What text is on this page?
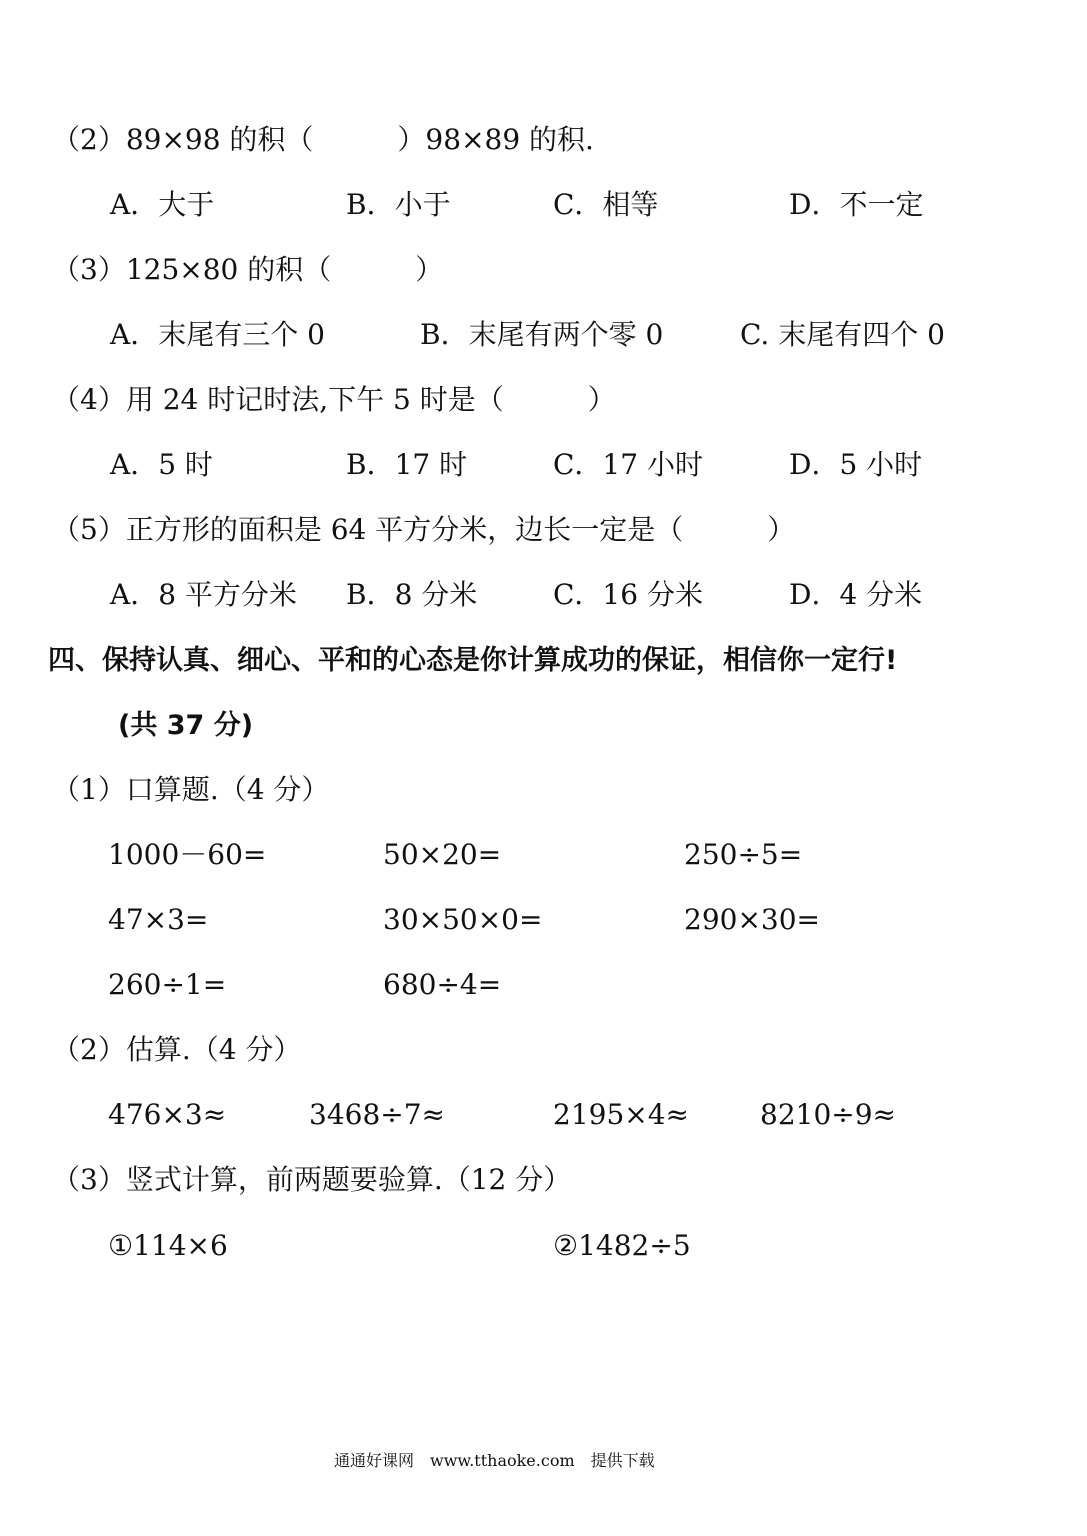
（2）89×98 的积（　　　）98×89 的积.
A．大于	B．小于	C．相等	D．不一定
（3）125×80 的积（　　　）
A．末尾有三个 0	B．末尾有两个零 0	C. 末尾有四个 0
（4）用 24 时记时法,下午 5 时是（　　　）
A．5 时	B．17 时	C．17 小时	D．5 小时
（5）正方形的面积是 64 平方分米，边长一定是（　　　）
A．8 平方分米 B．8 分米	C．16 分米	D．4 分米
四、保持认真、细心、平和的心态是你计算成功的保证，相信你一定行!
(共 37 分)
（1）口算题.（4 分）
1000－60=	50×20=	250÷5=
47×3=	30×50×0=	290×30=
260÷1=	680÷4=
（2）估算.（4 分）
476×3≈	3468÷7≈	2195×4≈	8210÷9≈
（3）竖式计算，前两题要验算.（12 分）
①114×6	②1482÷5
通通好课网　www.tthaoke.com　提供下载
